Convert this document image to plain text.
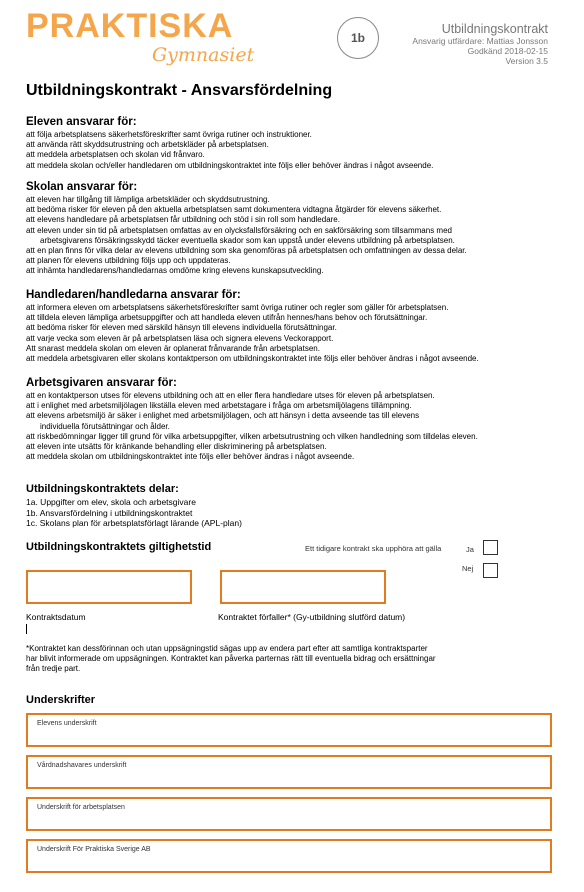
PRAKTISKA
Gymnasiet
1b
Utbildningskontrakt
Ansvarig utfärdare: Mattias Jonsson
Godkänd 2018-02-15
Version 3.5
Utbildningskontrakt - Ansvarsfördelning
Eleven ansvarar för:
att följa arbetsplatsens säkerhetsföreskrifter samt övriga rutiner och instruktioner.
att använda rätt skyddsutrustning och arbetskläder på arbetsplatsen.
att meddela arbetsplatsen och skolan vid frånvaro.
att meddela skolan och/eller handledaren om utbildningskontraktet inte följs eller behöver ändras i något avseende.
Skolan ansvarar för:
att eleven har tillgång till lämpliga arbetskläder och skyddsutrustning.
att bedöma risker för eleven på den aktuella arbetsplatsen samt dokumentera vidtagna åtgärder för elevens säkerhet.
att elevens handledare på arbetsplatsen får utbildning och stöd i sin roll som handledare.
att eleven under sin tid på arbetsplatsen omfattas av en olycksfallsförsäkring och en sakförsäkring som tillsammans med
arbetsgivarens försäkringsskydd täcker eventuella skador som kan uppstå under elevens utbildning på arbetsplatsen.
att en plan finns för vilka delar av elevens utbildning som ska genomföras på arbetsplatsen och omfattningen av dessa delar.
att planen för elevens utbildning följs upp och uppdateras.
att inhämta handledarens/handledarnas omdöme kring elevens kunskapsutveckling.
Handledaren/handledarna ansvarar för:
att informera eleven om arbetsplatsens säkerhetsföreskrifter samt övriga rutiner och regler som gäller för arbetsplatsen.
att tilldela eleven lämpliga arbetsuppgifter och att handleda eleven utifrån hennes/hans behov och förutsättningar.
att bedöma risker för eleven med särskild hänsyn till elevens individuella förutsättningar.
att varje vecka som eleven är på arbetsplatsen läsa och signera elevens Veckorapport.
Att snarast meddela skolan om eleven är oplanerat frånvarande från arbetsplatsen.
att meddela arbetsgivaren eller skolans kontaktperson om utbildningskontraktet inte följs eller behöver ändras i något avseende.
Arbetsgivaren ansvarar för:
att en kontaktperson utses för elevens utbildning och att en eller flera handledare utses för eleven på arbetsplatsen.
att i enlighet med arbetsmiljölagen likställa eleven med arbetstagare i fråga om arbetsmiljölagens tillämpning.
att elevens arbetsmiljö är säker i enlighet med arbetsmiljölagen, och att hänsyn i detta avseende tas till elevens
individuella förutsättningar och ålder.
att riskbedömningar ligger till grund för vilka arbetsuppgifter, vilken arbetsutrustning och vilken handledning som tilldelas eleven.
att eleven inte utsätts för kränkande behandling eller diskriminering på arbetsplatsen.
att meddela skolan om utbildningskontraktet inte följs eller behöver ändras i något avseende.
Utbildningskontraktets delar:
1a. Uppgifter om elev, skola och arbetsgivare
1b. Ansvarsfördelning i utbildningskontraktet
1c. Skolans plan för arbetsplatsförlagt lärande (APL-plan)
Utbildningskontraktets giltighetstid	Ett tidigare kontrakt ska upphöra att gälla	Ja
Nej
Kontraktsdatum	Kontraktet förfaller* (Gy-utbildning slutförd datum)
*Kontraktet kan dessförinnan och utan uppsägningstid sägas upp av endera part efter att samtliga kontraktsparter
har blivit informerade om uppsägningen. Kontraktet kan påverka parternas rätt till eventuella bidrag och ersättningar
från tredje part.
Underskrifter
Elevens underskrift
Vårdnadshavares underskrift
Underskrift för arbetsplatsen
Underskrift För Praktiska Sverige AB
